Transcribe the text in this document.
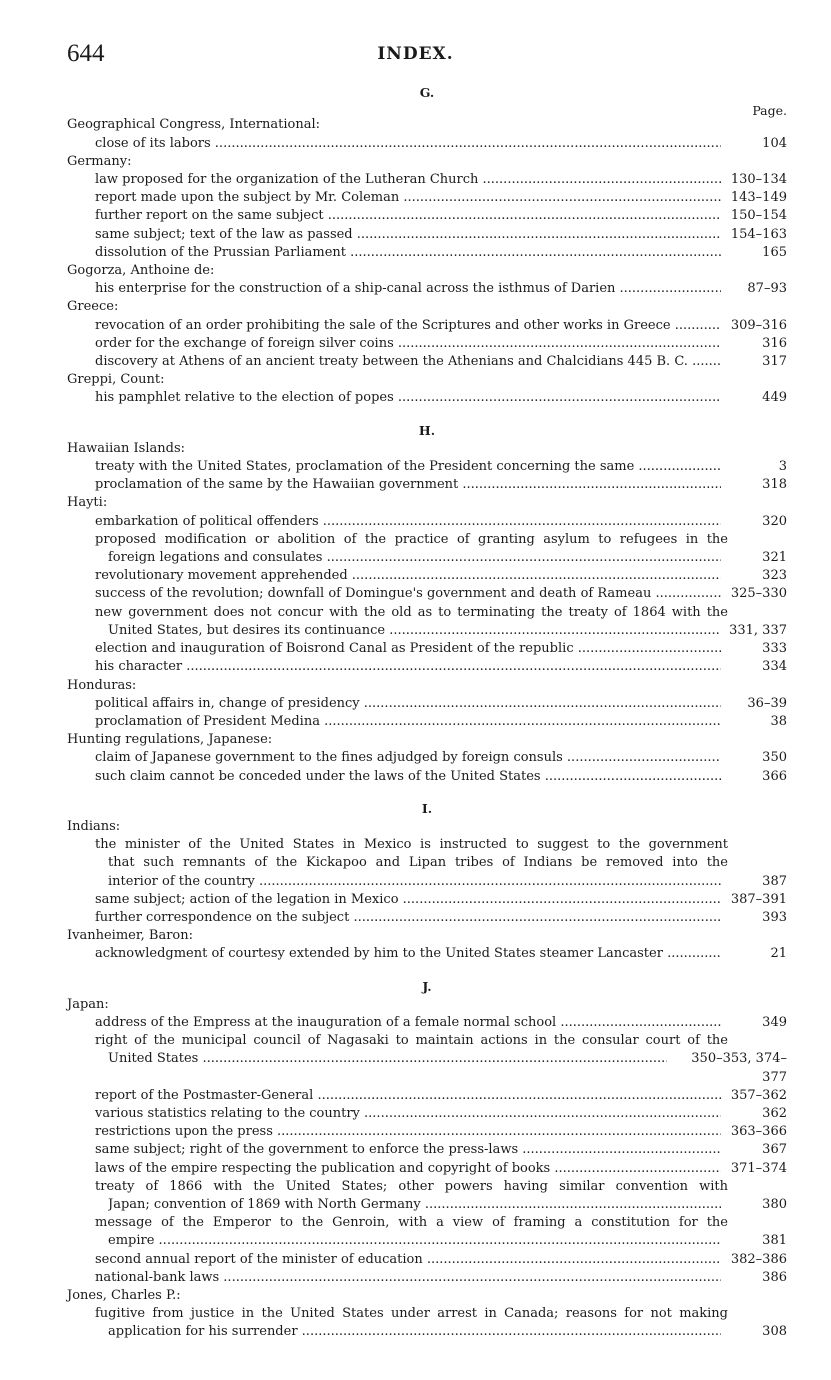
644	INDEX.
G.
Page.
Geographical Congress, International:
close of its labors .....	104
Germany:
law proposed for the organization of the Lutheran Church .....	130–134
report made upon the subject by Mr. Coleman .....	143–149
further report on the same subject .....	150–154
same subject; text of the law as passed .....	154–163
dissolution of the Prussian Parliament .....	165
Gogorza, Anthoine de:
his enterprise for the construction of a ship-canal across the isthmus of Darien .....	87–93
Greece:
revocation of an order prohibiting the sale of the Scriptures and other works in Greece .....	309–316
order for the exchange of foreign silver coins .....	316
discovery at Athens of an ancient treaty between the Athenians and Chalcidians 445 B. C. .....	317
Greppi, Count:
his pamphlet relative to the election of popes .....	449
H.
Hawaiian Islands:
treaty with the United States, proclamation of the President concerning the same .....	3
proclamation of the same by the Hawaiian government .....	318
Hayti:
embarkation of political offenders .....	320
proposed modification or abolition of the practice of granting asylum to refugees in the
foreign legations and consulates .....	321
revolutionary movement apprehended .....	323
success of the revolution; downfall of Domingue's government and death of Rameau .....	325–330
new government does not concur with the old as to terminating the treaty of 1864 with the
United States, but desires its continuance .....	331, 337
election and inauguration of Boisrond Canal as President of the republic .....	333
his character .....	334
Honduras:
political affairs in, change of presidency .....	36–39
proclamation of President Medina .....	38
Hunting regulations, Japanese:
claim of Japanese government to the fines adjudged by foreign consuls .....	350
such claim cannot be conceded under the laws of the United States .....	366
I.
Indians:
the minister of the United States in Mexico is instructed to suggest to the government
that such remnants of the Kickapoo and Lipan tribes of Indians be removed into the
interior of the country .....	387
same subject; action of the legation in Mexico .....	387–391
further correspondence on the subject .....	393
Ivanheimer, Baron:
acknowledgment of courtesy extended by him to the United States steamer Lancaster .....	21
J.
Japan:
address of the Empress at the inauguration of a female normal school .....	349
right of the municipal council of Nagasaki to maintain actions in the consular court of the
United States .....	350–353, 374–377
report of the Postmaster-General .....	357–362
various statistics relating to the country .....	362
restrictions upon the press .....	363–366
same subject; right of the government to enforce the press-laws .....	367
laws of the empire respecting the publication and copyright of books .....	371–374
treaty of 1866 with the United States; other powers having similar convention with
Japan; convention of 1869 with North Germany .....	380
message of the Emperor to the Genroin, with a view of framing a constitution for the
empire .....	381
second annual report of the minister of education .....	382–386
national-bank laws .....	386
Jones, Charles P.:
fugitive from justice in the United States under arrest in Canada; reasons for not making
application for his surrender .....	308
